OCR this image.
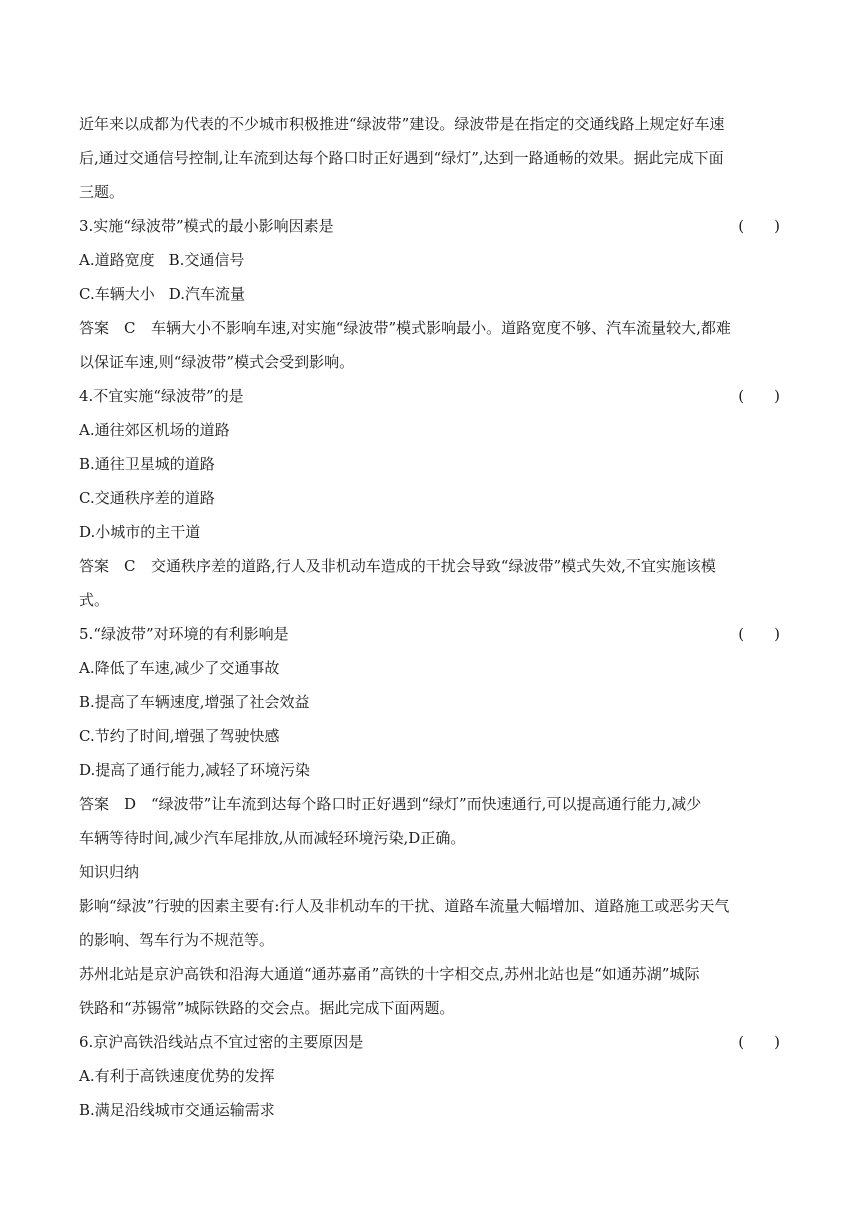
近年来以成都为代表的不少城市积极推进“绿波带”建设。绿波带是在指定的交通线路上规定好车速
后,通过交通信号控制,让车流到达每个路口时正好遇到“绿灯”,达到一路通畅的效果。据此完成下面
三题。
3.实施“绿波带”模式的最小影响因素是	(　　)
A.道路宽度 B.交通信号
C.车辆大小 D.汽车流量
答案　C 车辆大小不影响车速,对实施“绿波带”模式影响最小。道路宽度不够、汽车流量较大,都难
以保证车速,则“绿波带”模式会受到影响。
4.不宜实施“绿波带”的是	(　　)
A.通往郊区机场的道路
B.通往卫星城的道路
C.交通秩序差的道路
D.小城市的主干道
答案　C 交通秩序差的道路,行人及非机动车造成的干扰会导致“绿波带”模式失效,不宜实施该模
式。
5.“绿波带”对环境的有利影响是	(　　)
A.降低了车速,减少了交通事故
B.提高了车辆速度,增强了社会效益
C.节约了时间,增强了驾驶快感
D.提高了通行能力,减轻了环境污染
答案　D “绿波带”让车流到达每个路口时正好遇到“绿灯”而快速通行,可以提高通行能力,减少
车辆等待时间,减少汽车尾排放,从而减轻环境污染,D正确。
知识归纳
影响“绿波”行驶的因素主要有:行人及非机动车的干扰、道路车流量大幅增加、道路施工或恶劣天气
的影响、驾车行为不规范等。
苏州北站是京沪高铁和沿海大通道“通苏嘉甬”高铁的十字相交点,苏州北站也是“如通苏湖”城际
铁路和“苏锡常”城际铁路的交会点。据此完成下面两题。
6.京沪高铁沿线站点不宜过密的主要原因是	(　　)
A.有利于高铁速度优势的发挥
B.满足沿线城市交通运输需求
